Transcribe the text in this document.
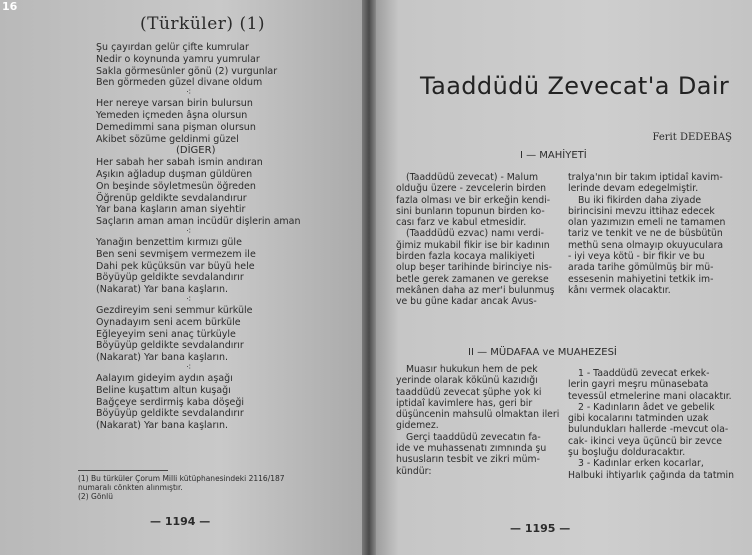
16
(Türküler) (1)
Şu çayırdan gelür çifte kumrular
Nedir o koynunda yamru yumrular
Sakla görmesünler gönü (2) vurgunlar
Ben görmeden güzel divane oldum
⁖
Her nereye varsan birin bulursun
Yemeden içmeden âşna olursun
Demedimmi sana pişman olursun
Akibet sözüme geldinmi güzel
(DİGER)
Her sabah her sabah ismin andıran
Aşıkın ağladup duşman güldüren
On beşinde söyletmesün öğreden
Öğrenüp geldikte sevdalandırur
Yar bana kaşların aman siyehtir
Saçların aman aman incüdür dişlerin aman
⁖
Yanağın benzettim kırmızı güle
Ben seni sevmişem vermezem ile
Dahi pek küçüksün var büyü hele
Böyüyüp geldikte sevdalandırır
(Nakarat) Yar bana kaşların.
⁖
Gezdireyim seni semmur kürküle
Oynadayım seni acem bürküle
Eğleyeyim seni anaç türküyle
Böyüyüp geldikte sevdalandırır
(Nakarat) Yar bana kaşların.
⁖
Aalayım gideyim aydın aşağı
Beline kuşattım altun kuşağı
Bağçeye serdirmiş kaba döşeği
Böyüyüp geldikte sevdalandırır
(Nakarat) Yar bana kaşların.
(1) Bu türküler Çorum Milli kütüphanesindeki 2116/187
numaralı cönkten alınmıştır.
(2) Gönlü
— 1194 —
Taaddüdü Zevecat'a Dair
Ferit DEDEBAŞ
I — MAHİYETİ

(Taaddüdü zevecat) - Malum

olduğu üzere - zevcelerin birden

fazla olması ve bir erkeğin kendi-

sini bunların topunun birden ko-

cası farz ve kabul etmesidir.

(Taaddüdü ezvac) namı verdi-

ğimiz mukabil fikir ise bir kadının

birden fazla kocaya malikiyeti

olup beşer tarihinde birinciye nis-

betle gerek zamanen ve gerekse

mekânen daha az mer'i bulunmuş

ve bu güne kadar ancak Avus-

tralya'nın bir takım iptidaî kavim-

lerinde devam edegelmiştir.

Bu iki fikirden daha ziyade

birincisini mevzu ittihaz edecek

olan yazımızın emeli ne tamamen

tariz ve tenkit ve ne de büsbütün

methü sena olmayıp okuyuculara

- iyi veya kötü - bir fikir ve bu

arada tarihe gömülmüş bir mü-

essesenin mahiyetini tetkik im-

kânı vermek olacaktır.

II — MÜDAFAA ve MUAHEZESİ

Muasır hukukun hem de pek

yerinde olarak kökünü kazıdığı

taaddüdü zevecat şüphe yok ki

iptidaî kavimlere has, geri bir

düşüncenin mahsulü olmaktan ileri

gidemez.

Gerçi taaddüdü zevecatın fa-

ide ve muhassenatı zımnında şu

hususların tesbit ve zikri müm-

kündür:

1 - Taaddüdü zevecat erkek-

lerin gayri meşru münasebata

tevessül etmelerine mani olacaktır.

2 - Kadınların âdet ve gebelik

gibi kocalarını tatminden uzak

bulundukları hallerde -mevcut ola-

cak- ikinci veya üçüncü bir zevce

şu boşluğu dolduracaktır.

3 - Kadınlar erken kocarlar,

Halbuki ihtiyarlık çağında da tatmin

— 1195 —
